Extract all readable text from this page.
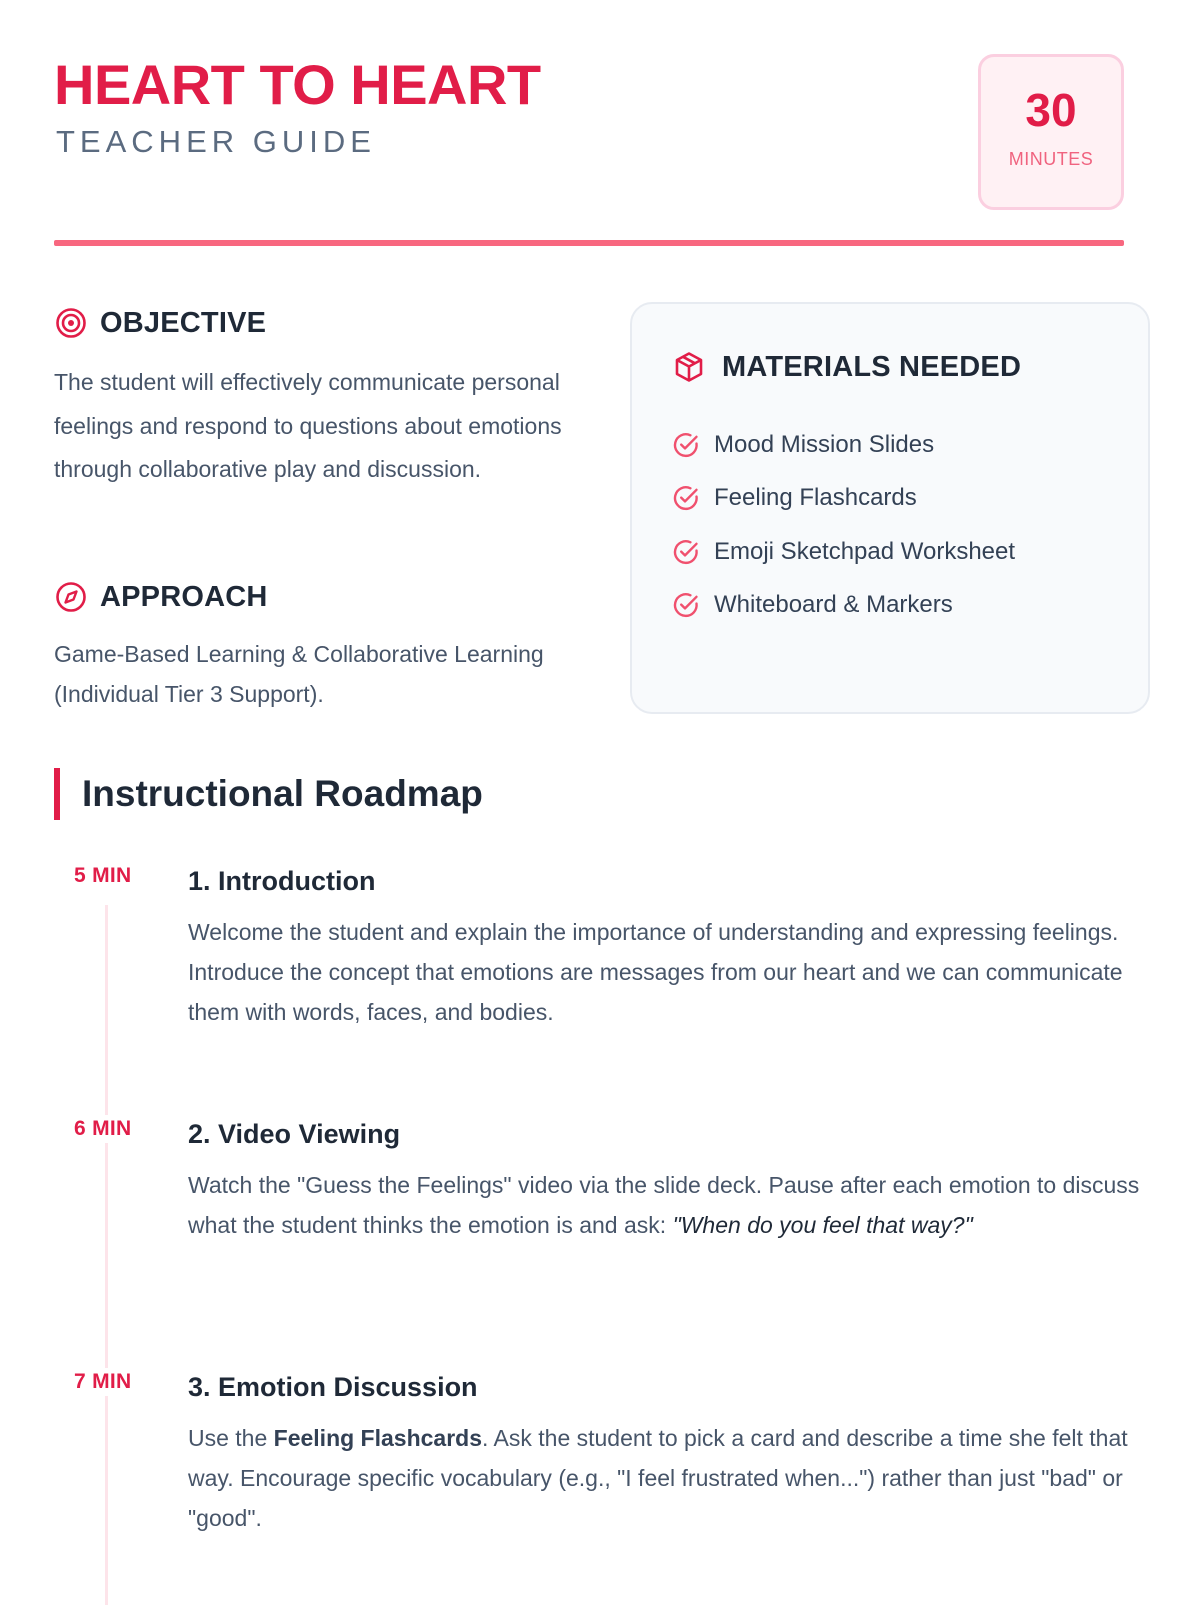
HEART TO HEART
TEACHER GUIDE
30
MINUTES
OBJECTIVE
The student will effectively communicate personal feelings and respond to questions about emotions through collaborative play and discussion.
APPROACH
Game-Based Learning & Collaborative Learning (Individual Tier 3 Support).
MATERIALS NEEDED
Mood Mission Slides
Feeling Flashcards
Emoji Sketchpad Worksheet
Whiteboard & Markers
Instructional Roadmap
5 MIN 1. Introduction
Welcome the student and explain the importance of understanding and expressing feelings. Introduce the concept that emotions are messages from our heart and we can communicate them with words, faces, and bodies.
6 MIN 2. Video Viewing
Watch the "Guess the Feelings" video via the slide deck. Pause after each emotion to discuss what the student thinks the emotion is and ask: "When do you feel that way?"
7 MIN 3. Emotion Discussion
Use the Feeling Flashcards. Ask the student to pick a card and describe a time she felt that way. Encourage specific vocabulary (e.g., "I feel frustrated when...") rather than just "bad" or "good".
